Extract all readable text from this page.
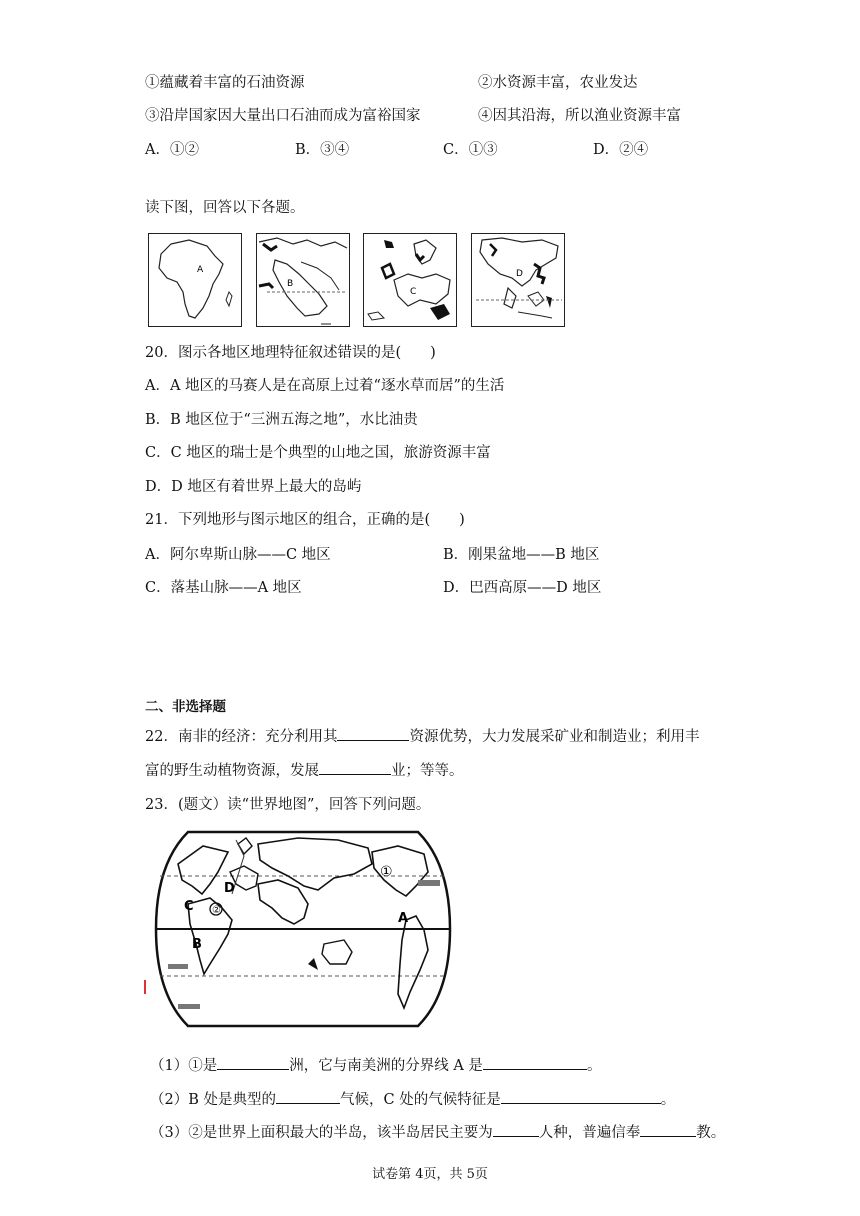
①蕴藏着丰富的石油资源	②水资源丰富，农业发达
③沿岸国家因大量出口石油而成为富裕国家	④因其沿海，所以渔业资源丰富
A．①②	B．③④	C．①③	D．②④
读下图，回答以下各题。
A
B
C
D
20．图示各地区地理特征叙述错误的是(　　)
A．A 地区的马赛人是在高原上过着“逐水草而居”的生活
B．B 地区位于“三洲五海之地”，水比油贵
C．C 地区的瑞士是个典型的山地之国，旅游资源丰富
D．D 地区有着世界上最大的岛屿
21．下列地形与图示地区的组合，正确的是(　　)
A．阿尔卑斯山脉——C 地区	B．刚果盆地——B 地区
C．落基山脉——A 地区	D．巴西高原——D 地区
二、非选择题
22．南非的经济：充分利用其	资源优势，大力发展采矿业和制造业；利用丰
富的野生动植物资源，发展	业；等等。
23．(题文）读“世界地图”，回答下列问题。
②
①
A
B
C
D
（1）①是	洲，它与南美洲的分界线 A 是	。
（2）B 处是典型的	气候，C 处的气候特征是	。
（3）②是世界上面积最大的半岛，该半岛居民主要为	人种，普遍信奉	教。
试卷第 4页，共 5页
